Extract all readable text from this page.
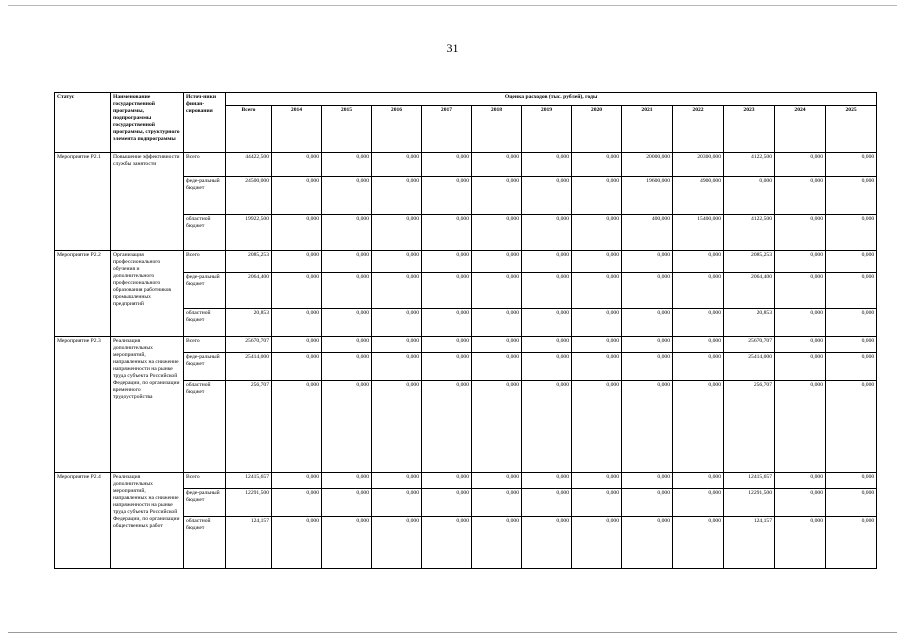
31
Статус	Наименование государственной программы, подпрограммы государственной программы, структурного элемента подпрограммы	Источ-ники финан-сирования	Оценка расходов (тыс. рублей), годы												
			Всего	2014	2015	2016	2017	2018	2019	2020	2021	2022	2023	2024	2025
Мероприятие Р2.1	Повышение эффективности службы занятости	Всего	44422,500	0,000	0,000	0,000	0,000	0,000	0,000	0,000	20000,000	20300,000	4122,500	0,000	0,000
		феде-ральный бюджет	24500,000	0,000	0,000	0,000	0,000	0,000	0,000	0,000	19600,000	4900,000	0,000	0,000	0,000
		областной бюджет	19922,500	0,000	0,000	0,000	0,000	0,000	0,000	0,000	400,000	15400,000	4122,500	0,000	0,000
Мероприятие Р2.2	Организация профессионального обучения и дополнительного профессионального образования работников промышленных предприятий	Всего	2085,253	0,000	0,000	0,000	0,000	0,000	0,000	0,000	0,000	0,000	2085,253	0,000	0,000
		феде-ральный бюджет	2064,400	0,000	0,000	0,000	0,000	0,000	0,000	0,000	0,000	0,000	2064,400	0,000	0,000
		областной бюджет	20,853	0,000	0,000	0,000	0,000	0,000	0,000	0,000	0,000	0,000	20,853	0,000	0,000
Мероприятие Р2.3	Реализация дополнительных мероприятий, направленных на снижение напряженности на рынке труда субъекта Российской Федерации, по организации временного трудоустройства	Всего	25670,707	0,000	0,000	0,000	0,000	0,000	0,000	0,000	0,000	0,000	25670,707	0,000	0,000
		феде-ральный бюджет	25414,000	0,000	0,000	0,000	0,000	0,000	0,000	0,000	0,000	0,000	25414,000	0,000	0,000
		областной бюджет	256,707	0,000	0,000	0,000	0,000	0,000	0,000	0,000	0,000	0,000	256,707	0,000	0,000
Мероприятие Р2.4	Реализация дополнительных мероприятий, направленных на снижение напряженности на рынке труда субъекта Российской Федерации, по организации общественных работ	Всего	12415,657	0,000	0,000	0,000	0,000	0,000	0,000	0,000	0,000	0,000	12415,657	0,000	0,000
		феде-ральный бюджет	12291,500	0,000	0,000	0,000	0,000	0,000	0,000	0,000	0,000	0,000	12291,500	0,000	0,000
		областной бюджет	124,157	0,000	0,000	0,000	0,000	0,000	0,000	0,000	0,000	0,000	124,157	0,000	0,000
